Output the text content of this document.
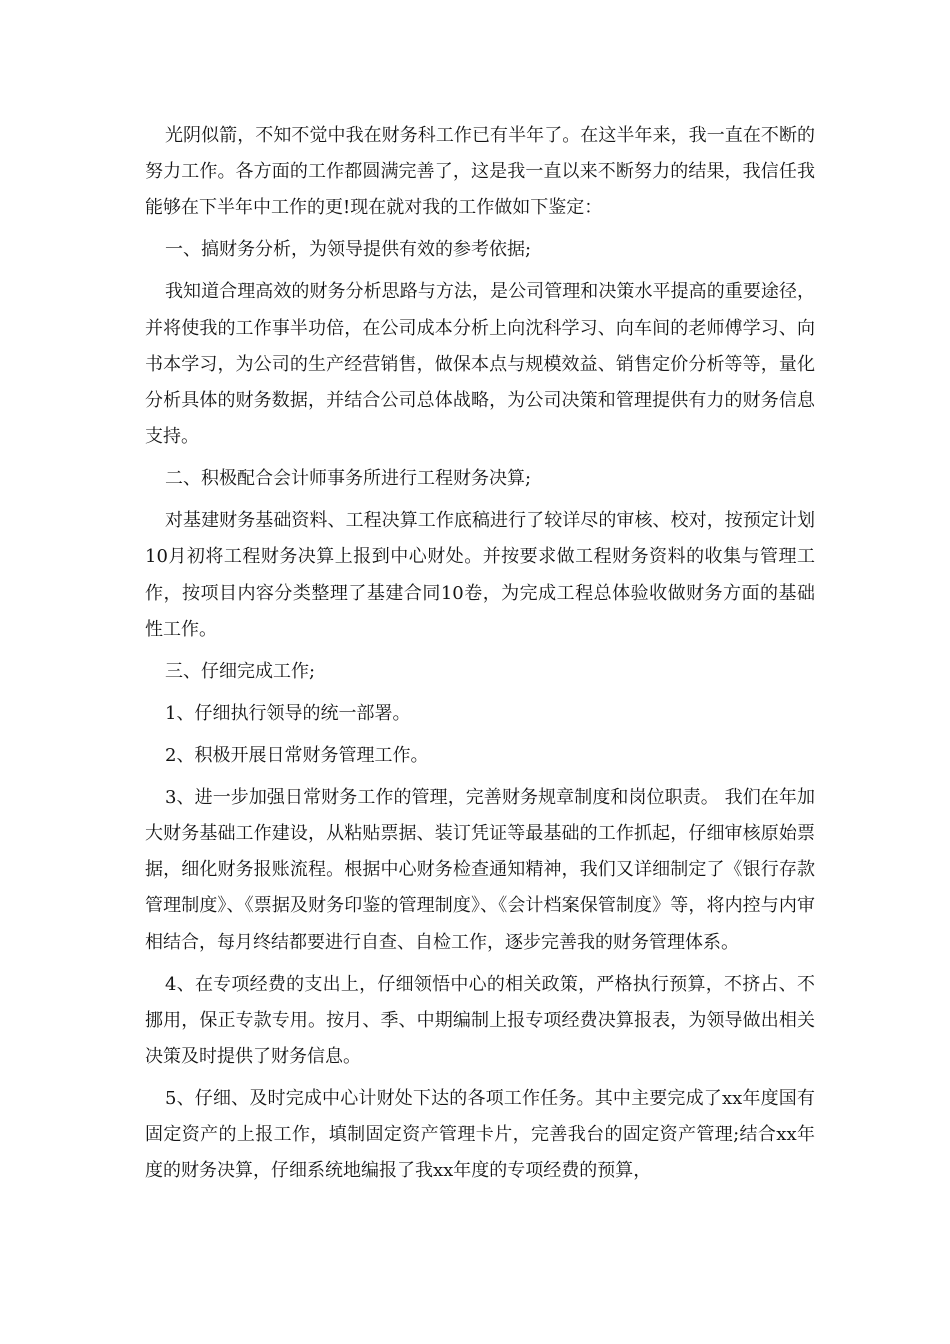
光阴似箭，不知不觉中我在财务科工作已有半年了。在这半年来，我一直在不断的努力工作。各方面的工作都圆满完善了，这是我一直以来不断努力的结果，我信任我能够在下半年中工作的更!现在就对我的工作做如下鉴定：

一、搞财务分析，为领导提供有效的参考依据;

我知道合理高效的财务分析思路与方法，是公司管理和决策水平提高的重要途径，并将使我的工作事半功倍，在公司成本分析上向沈科学习、向车间的老师傅学习、向书本学习，为公司的生产经营销售，做保本点与规模效益、销售定价分析等等，量化分析具体的财务数据，并结合公司总体战略，为公司决策和管理提供有力的财务信息支持。

二、积极配合会计师事务所进行工程财务决算;

对基建财务基础资料、工程决算工作底稿进行了较详尽的审核、校对，按预定计划10月初将工程财务决算上报到中心财处。并按要求做工程财务资料的收集与管理工作，按项目内容分类整理了基建合同10卷，为完成工程总体验收做财务方面的基础性工作。

三、仔细完成工作;

1、仔细执行领导的统一部署。

2、积极开展日常财务管理工作。

3、进一步加强日常财务工作的管理，完善财务规章制度和岗位职责。 我们在年加大财务基础工作建设，从粘贴票据、装订凭证等最基础的工作抓起，仔细审核原始票据，细化财务报账流程。根据中心财务检查通知精神，我们又详细制定了《银行存款管理制度》、《票据及财务印鉴的管理制度》、《会计档案保管制度》等，将内控与内审相结合，每月终结都要进行自查、自检工作，逐步完善我的财务管理体系。

4、在专项经费的支出上，仔细领悟中心的相关政策，严格执行预算，不挤占、不挪用，保正专款专用。按月、季、中期编制上报专项经费决算报表，为领导做出相关决策及时提供了财务信息。

5、仔细、及时完成中心计财处下达的各项工作任务。其中主要完成了xx年度国有固定资产的上报工作，填制固定资产管理卡片，完善我台的固定资产管理;结合xx年度的财务决算，仔细系统地编报了我xx年度的专项经费的预算，
